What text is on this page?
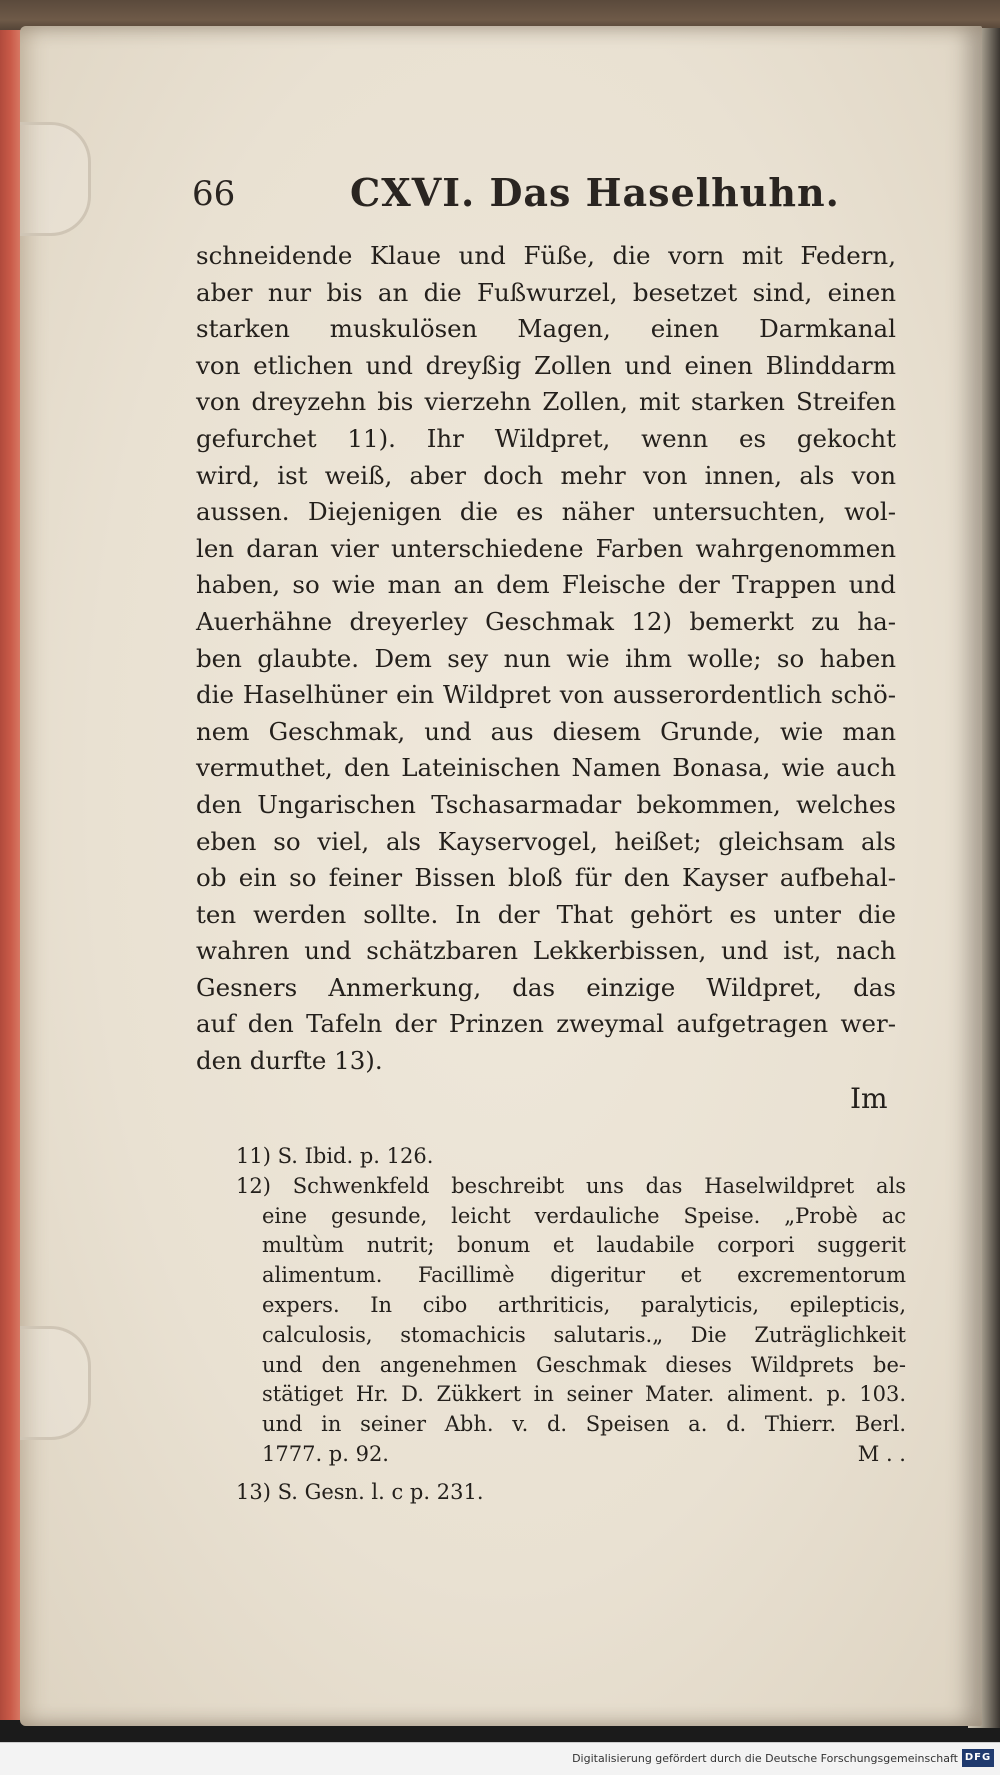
66	CXVI. Das Haselhuhn.
schneidende Klaue und Füße, die vorn mit Federn,
aber nur bis an die Fußwurzel, besetzet sind, einen
starken muskulösen Magen, einen Darmkanal
von etlichen und dreyßig Zollen und einen Blinddarm
von dreyzehn bis vierzehn Zollen, mit starken Streifen
gefurchet 11). Ihr Wildpret, wenn es gekocht
wird, ist weiß, aber doch mehr von innen, als von
aussen. Diejenigen die es näher untersuchten, wol-
len daran vier unterschiedene Farben wahrgenommen
haben, so wie man an dem Fleische der Trappen und
Auerhähne dreyerley Geschmak 12) bemerkt zu ha-
ben glaubte. Dem sey nun wie ihm wolle; so haben
die Haselhüner ein Wildpret von ausserordentlich schö-
nem Geschmak, und aus diesem Grunde, wie man
vermuthet, den Lateinischen Namen Bonasa, wie auch
den Ungarischen Tschasarmadar bekommen, welches
eben so viel, als Kayservogel, heißet; gleichsam als
ob ein so feiner Bissen bloß für den Kayser aufbehal-
ten werden sollte. In der That gehört es unter die
wahren und schätzbaren Lekkerbissen, und ist, nach
Gesners Anmerkung, das einzige Wildpret, das
auf den Tafeln der Prinzen zweymal aufgetragen wer-
den durfte 13).
Im
11) S. Ibid. p. 126.
12) Schwenkfeld beschreibt uns das Haselwildpret als
eine gesunde, leicht verdauliche Speise. „Probè ac
multùm nutrit; bonum et laudabile corpori suggerit
alimentum. Facillimè digeritur et excrementorum
expers. In cibo arthriticis, paralyticis, epilepticis,
calculosis, stomachicis salutaris.„ Die Zuträglichkeit
und den angenehmen Geschmak dieses Wildprets be-
stätiget Hr. D. Zükkert in seiner Mater. aliment. p. 103.
und in seiner Abh. v. d. Speisen a. d. Thierr. Berl.
1777. p. 92.	M . .
13) S. Gesn. l. c p. 231.
Digitalisierung gefördert durch die Deutsche Forschungsgemeinschaft DFG
